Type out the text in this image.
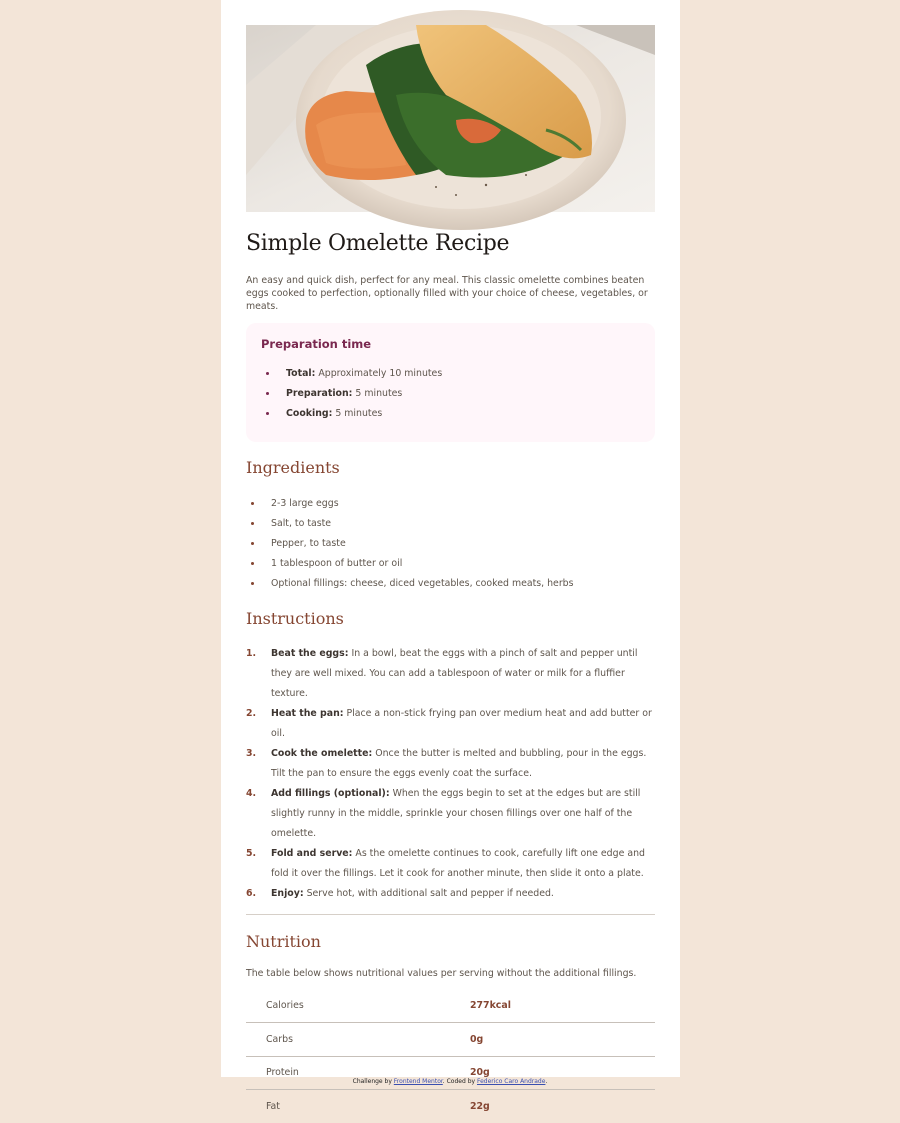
Simple Omelette Recipe

An easy and quick dish, perfect for any meal. This classic omelette combines beaten eggs cooked to perfection, optionally filled with your choice of cheese, vegetables, or meats.

Preparation time
Total: Approximately 10 minutes
Preparation: 5 minutes
Cooking: 5 minutes
Ingredients
2-3 large eggs
Salt, to taste
Pepper, to taste
1 tablespoon of butter or oil
Optional fillings: cheese, diced vegetables, cooked meats, herbs
Instructions
1. Beat the eggs: In a bowl, beat the eggs with a pinch of salt and pepper until they are well mixed. You can add a tablespoon of water or milk for a fluffier texture.
2. Heat the pan: Place a non-stick frying pan over medium heat and add butter or oil.
3. Cook the omelette: Once the butter is melted and bubbling, pour in the eggs. Tilt the pan to ensure the eggs evenly coat the surface.
4. Add fillings (optional): When the eggs begin to set at the edges but are still slightly runny in the middle, sprinkle your chosen fillings over one half of the omelette.
5. Fold and serve: As the omelette continues to cook, carefully lift one edge and fold it over the fillings. Let it cook for another minute, then slide it onto a plate.
6. Enjoy: Serve hot, with additional salt and pepper if needed.
Nutrition

The table below shows nutritional values per serving without the additional fillings.

Calories	277kcal
Carbs	0g
Protein	20g
Fat	22g
Challenge by Frontend Mentor. Coded by Federico Caro Andrade.
